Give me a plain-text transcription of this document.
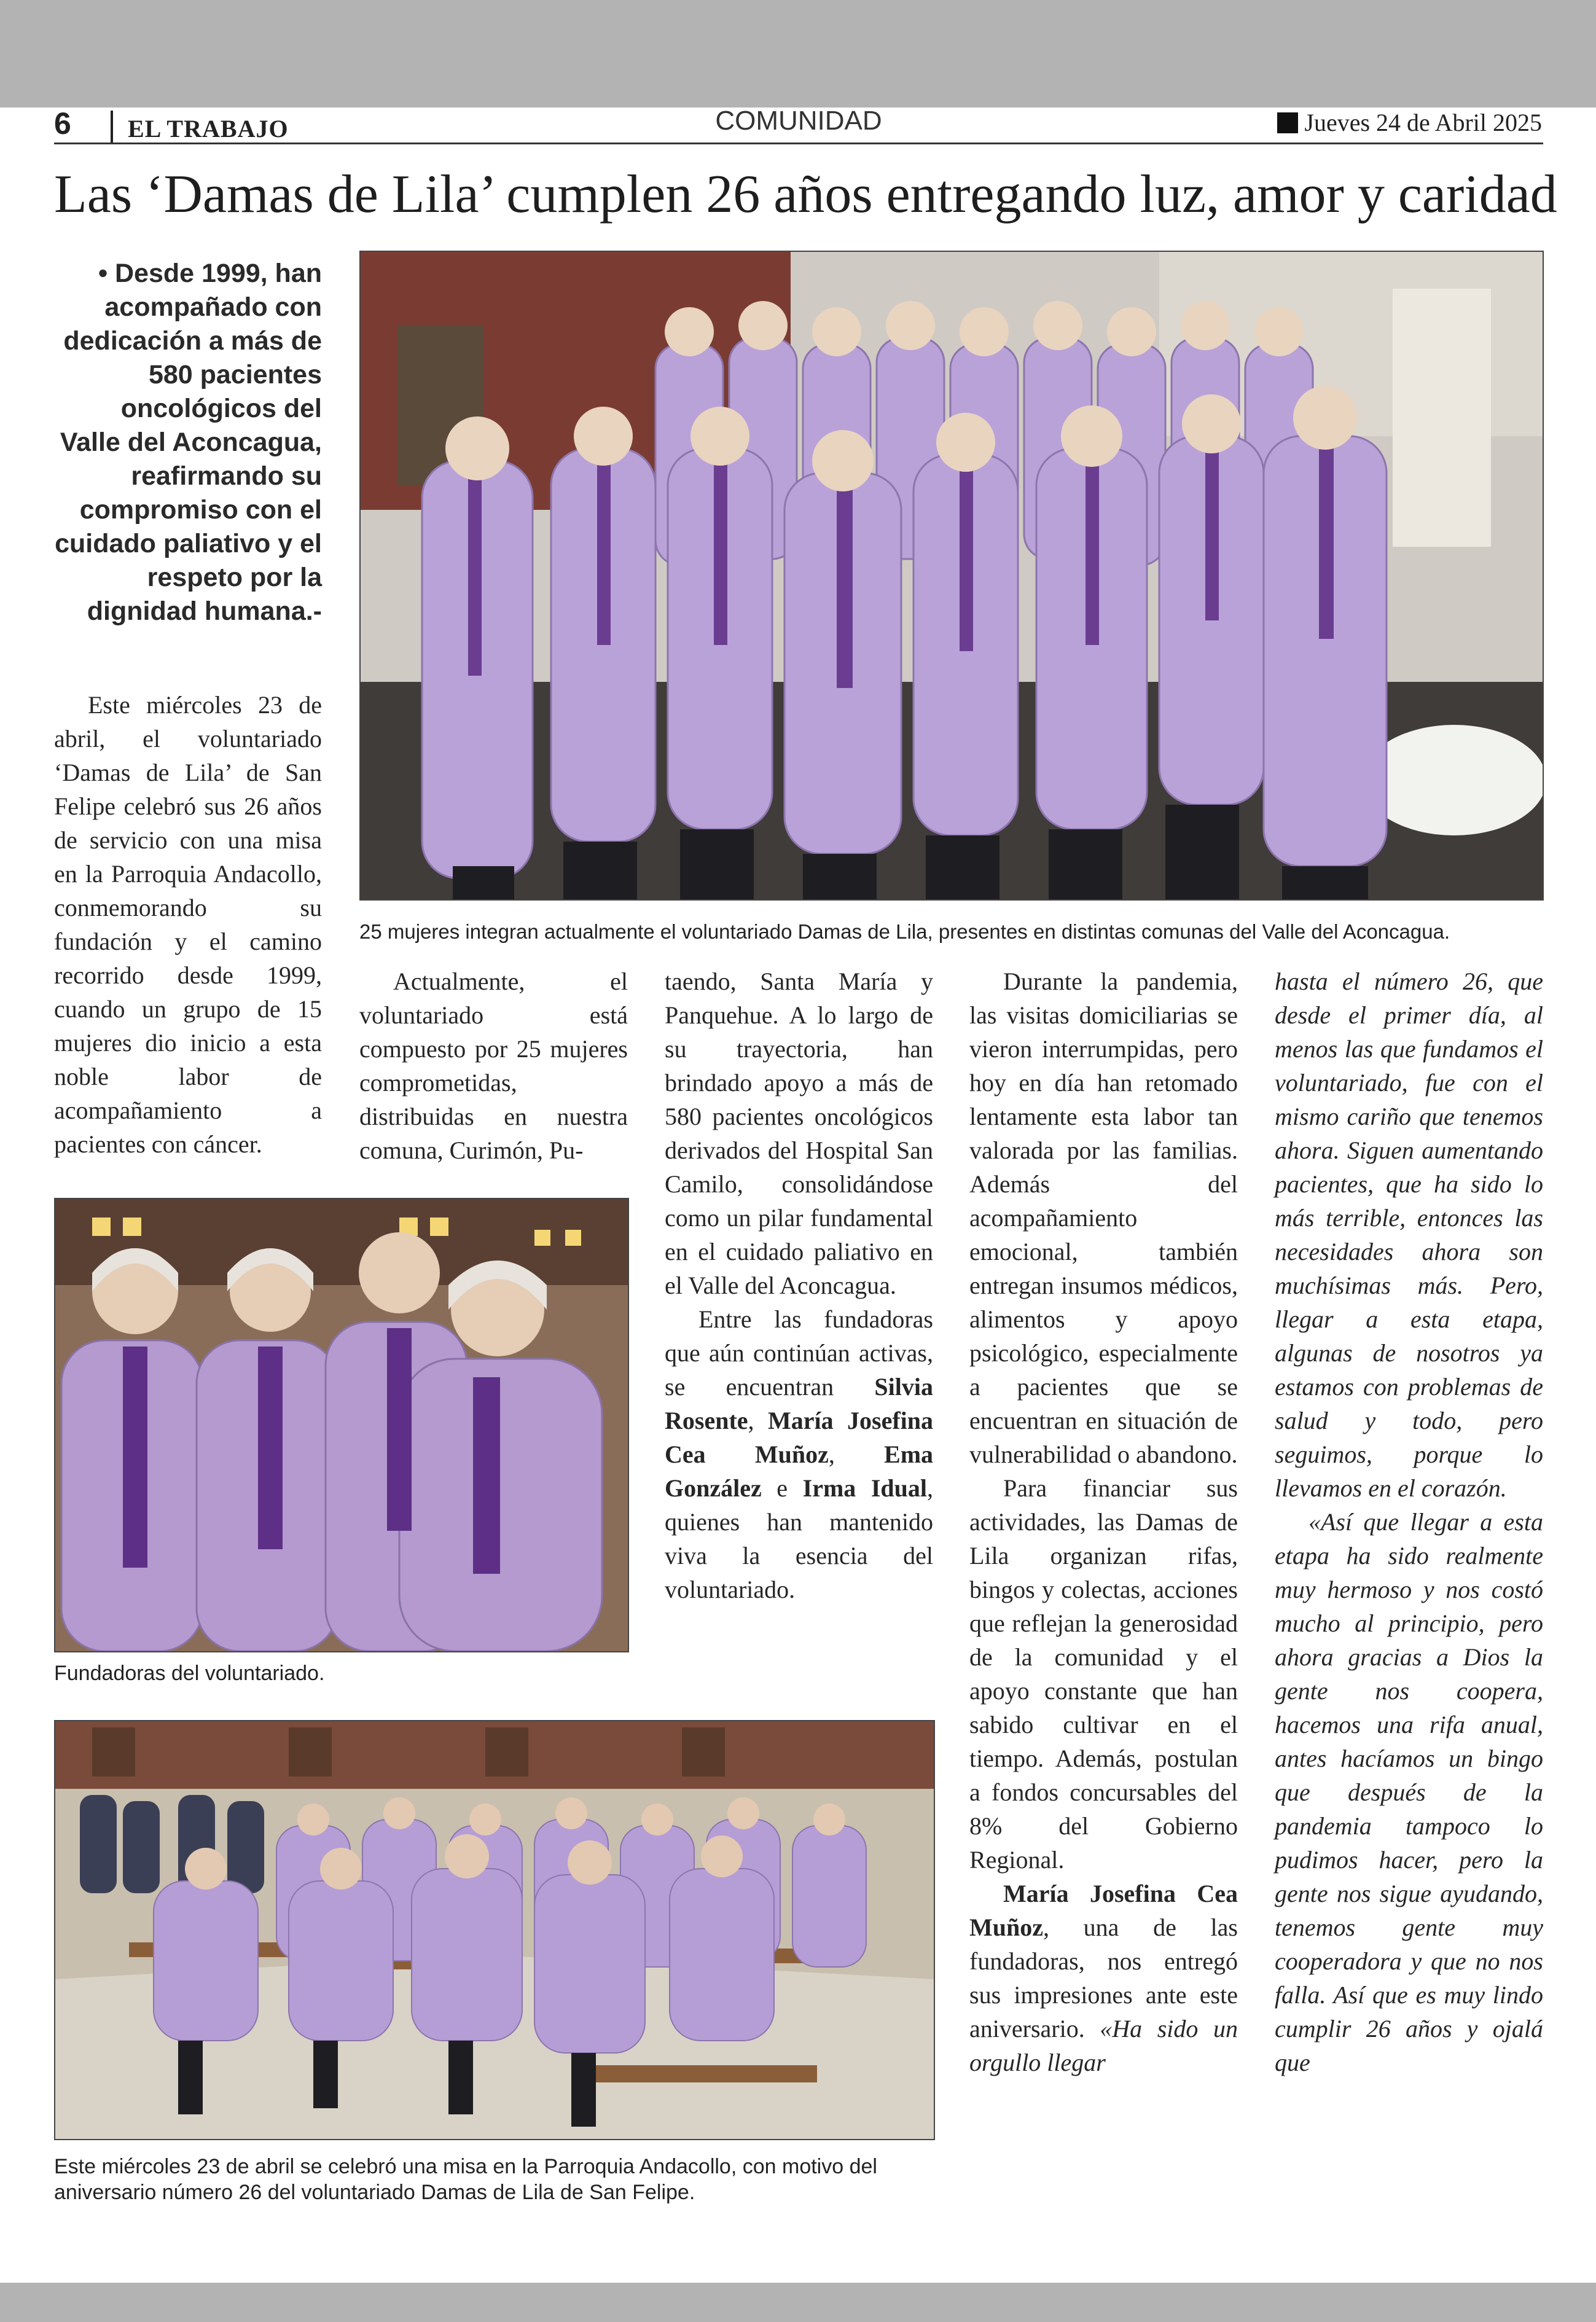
6 EL TRABAJO	COMUNIDAD	Jueves 24 de Abril 2025
Las ‘Damas de Lila’ cumplen 26 años entregando luz, amor y caridad
• Desde 1999, han acompañado con dedicación a más de 580 pacientes oncológicos del Valle del Aconcagua, reafirmando su compromiso con el cuidado paliativo y el respeto por la dignidad humana.-
25 mujeres integran actualmente el voluntariado Damas de Lila, presentes en distintas comunas del Valle del Aconcagua.

Este miércoles 23 de abril, el voluntariado ‘Damas de Lila’ de San Felipe celebró sus 26 años de servicio con una misa en la Parroquia Andacollo, conmemorando su fundación y el camino recorrido desde 1999, cuando un grupo de 15 mujeres dio inicio a esta noble labor de acompañamiento a pacientes con cáncer.

Actualmente, el voluntariado está compuesto por 25 mujeres comprometidas, distribuidas en nuestra comuna, Curimón, Pu-

taendo, Santa María y Panquehue. A lo largo de su trayectoria, han brindado apoyo a más de 580 pacientes oncológicos derivados del Hospital San Camilo, consolidándose como un pilar fundamental en el cuidado paliativo en el Valle del Aconcagua.

Entre las fundadoras que aún continúan activas, se encuentran Silvia Rosente, María Josefina Cea Muñoz, Ema González e Irma Idual, quienes han mantenido viva la esencia del voluntariado.

Durante la pandemia, las visitas domiciliarias se vieron interrumpidas, pero hoy en día han retomado lentamente esta labor tan valorada por las familias. Además del acompañamiento emocional, también entregan insumos médicos, alimentos y apoyo psicológico, especialmente a pacientes que se encuentran en situación de vulnerabilidad o abandono.

Para financiar sus actividades, las Damas de Lila organizan rifas, bingos y colectas, acciones que reflejan la generosidad de la comunidad y el apoyo constante que han sabido cultivar en el tiempo. Además, postulan a fondos concursables del 8% del Gobierno Regional.

María Josefina Cea Muñoz, una de las fundadoras, nos entregó sus impresiones ante este aniversario. «Ha sido un orgullo llegar

hasta el número 26, que desde el primer día, al menos las que fundamos el voluntariado, fue con el mismo cariño que tenemos ahora. Siguen aumentando pacientes, que ha sido lo más terrible, entonces las necesidades ahora son muchísimas más. Pero, llegar a esta etapa, algunas de nosotros ya estamos con problemas de salud y todo, pero seguimos, porque lo llevamos en el corazón.

«Así que llegar a esta etapa ha sido realmente muy hermoso y nos costó mucho al principio, pero ahora gracias a Dios la gente nos coopera, hacemos una rifa anual, antes hacíamos un bingo que después de la pandemia tampoco lo pudimos hacer, pero la gente nos sigue ayudando, tenemos gente muy cooperadora y que no nos falla. Así que es muy lindo cumplir 26 años y ojalá que

Fundadoras del voluntariado.
Este miércoles 23 de abril se celebró una misa en la Parroquia Andacollo, con motivo del aniversario número 26 del voluntariado Damas de Lila de San Felipe.
